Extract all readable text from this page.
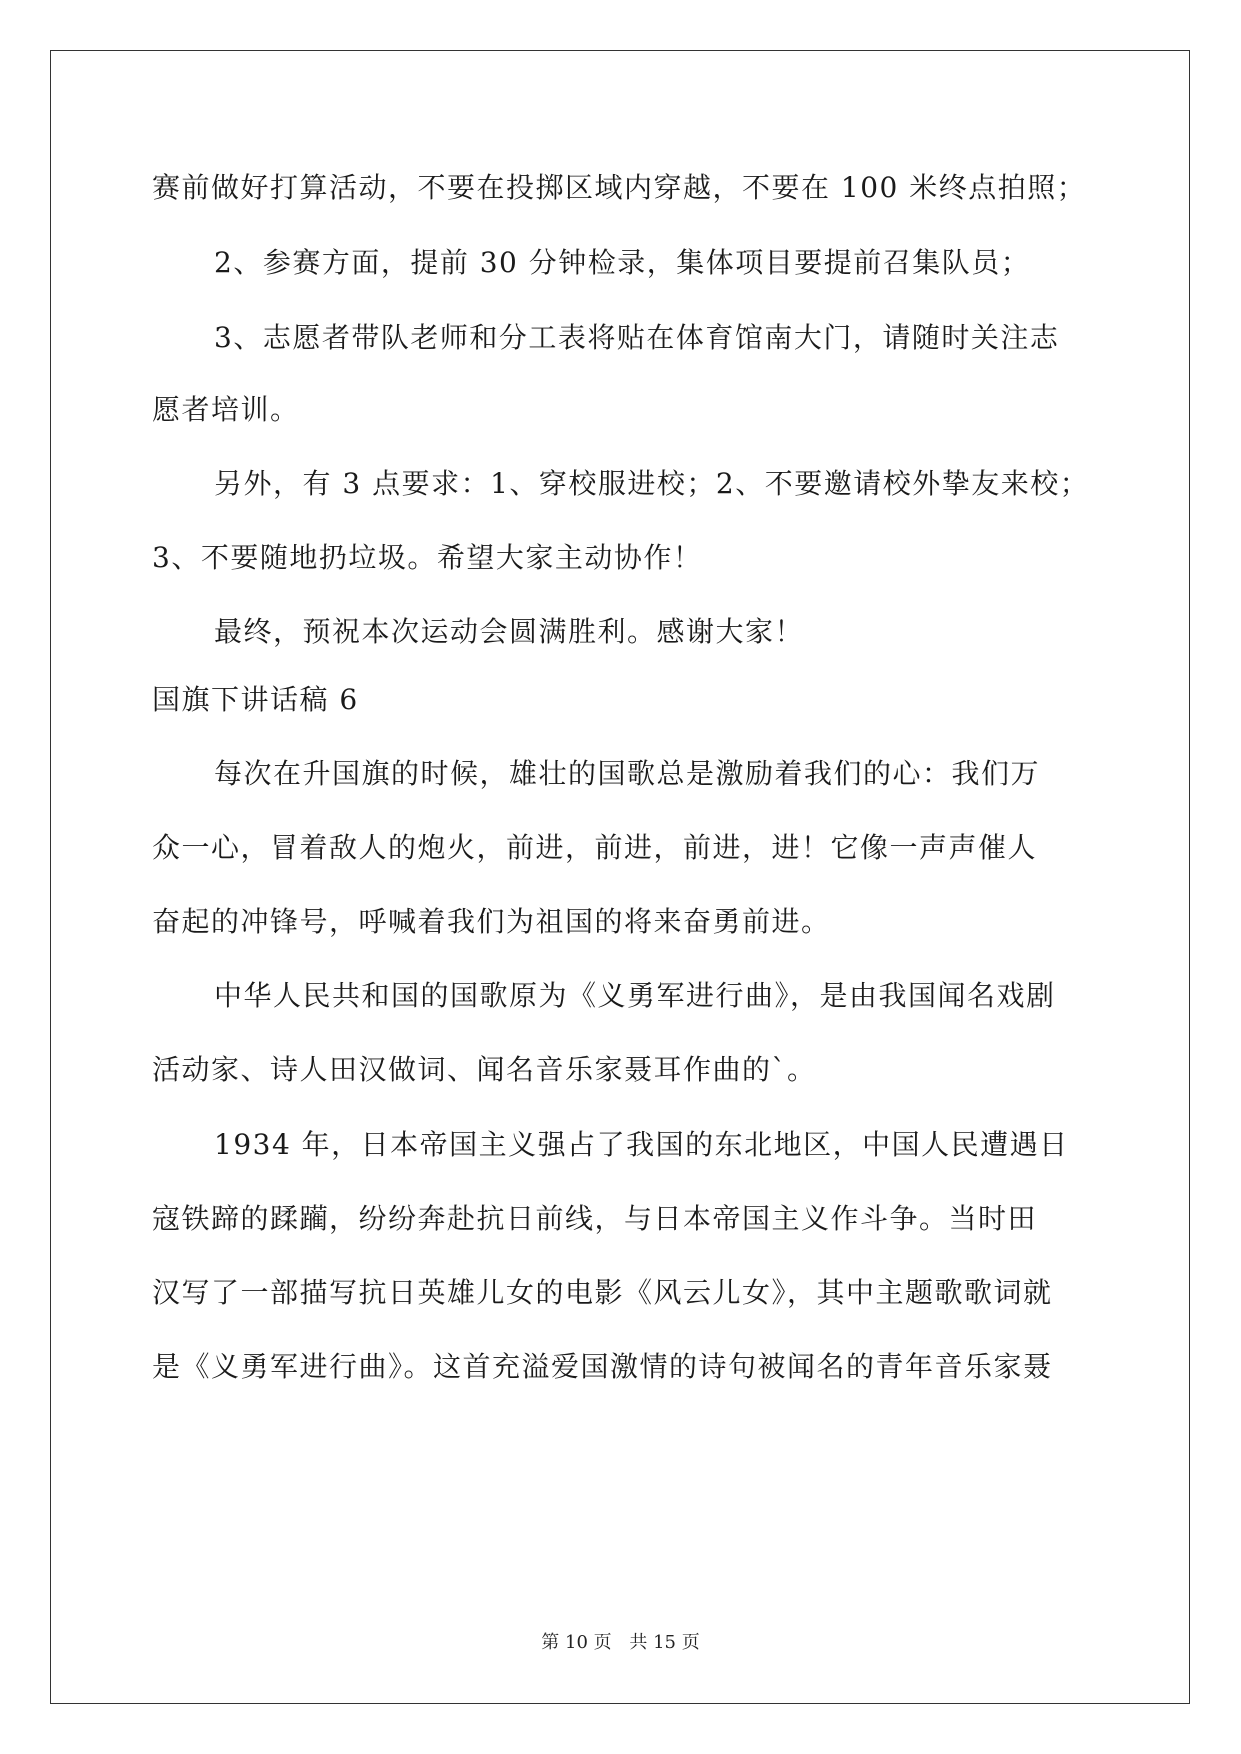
赛前做好打算活动，不要在投掷区域内穿越，不要在 100 米终点拍照；
2、参赛方面，提前 30 分钟检录，集体项目要提前召集队员；
3、志愿者带队老师和分工表将贴在体育馆南大门，请随时关注志
愿者培训。
另外，有 3 点要求：1、穿校服进校；2、不要邀请校外挚友来校；
3、不要随地扔垃圾。希望大家主动协作！
最终，预祝本次运动会圆满胜利。感谢大家！
国旗下讲话稿 6
每次在升国旗的时候，雄壮的国歌总是激励着我们的心：我们万
众一心，冒着敌人的炮火，前进，前进，前进，进！它像一声声催人
奋起的冲锋号，呼喊着我们为祖国的将来奋勇前进。
中华人民共和国的国歌原为《义勇军进行曲》，是由我国闻名戏剧
活动家、诗人田汉做词、闻名音乐家聂耳作曲的`。
1934 年，日本帝国主义强占了我国的东北地区，中国人民遭遇日
寇铁蹄的蹂躏，纷纷奔赴抗日前线，与日本帝国主义作斗争。当时田
汉写了一部描写抗日英雄儿女的电影《风云儿女》，其中主题歌歌词就
是《义勇军进行曲》。这首充溢爱国激情的诗句被闻名的青年音乐家聂
第 10 页 共 15 页
